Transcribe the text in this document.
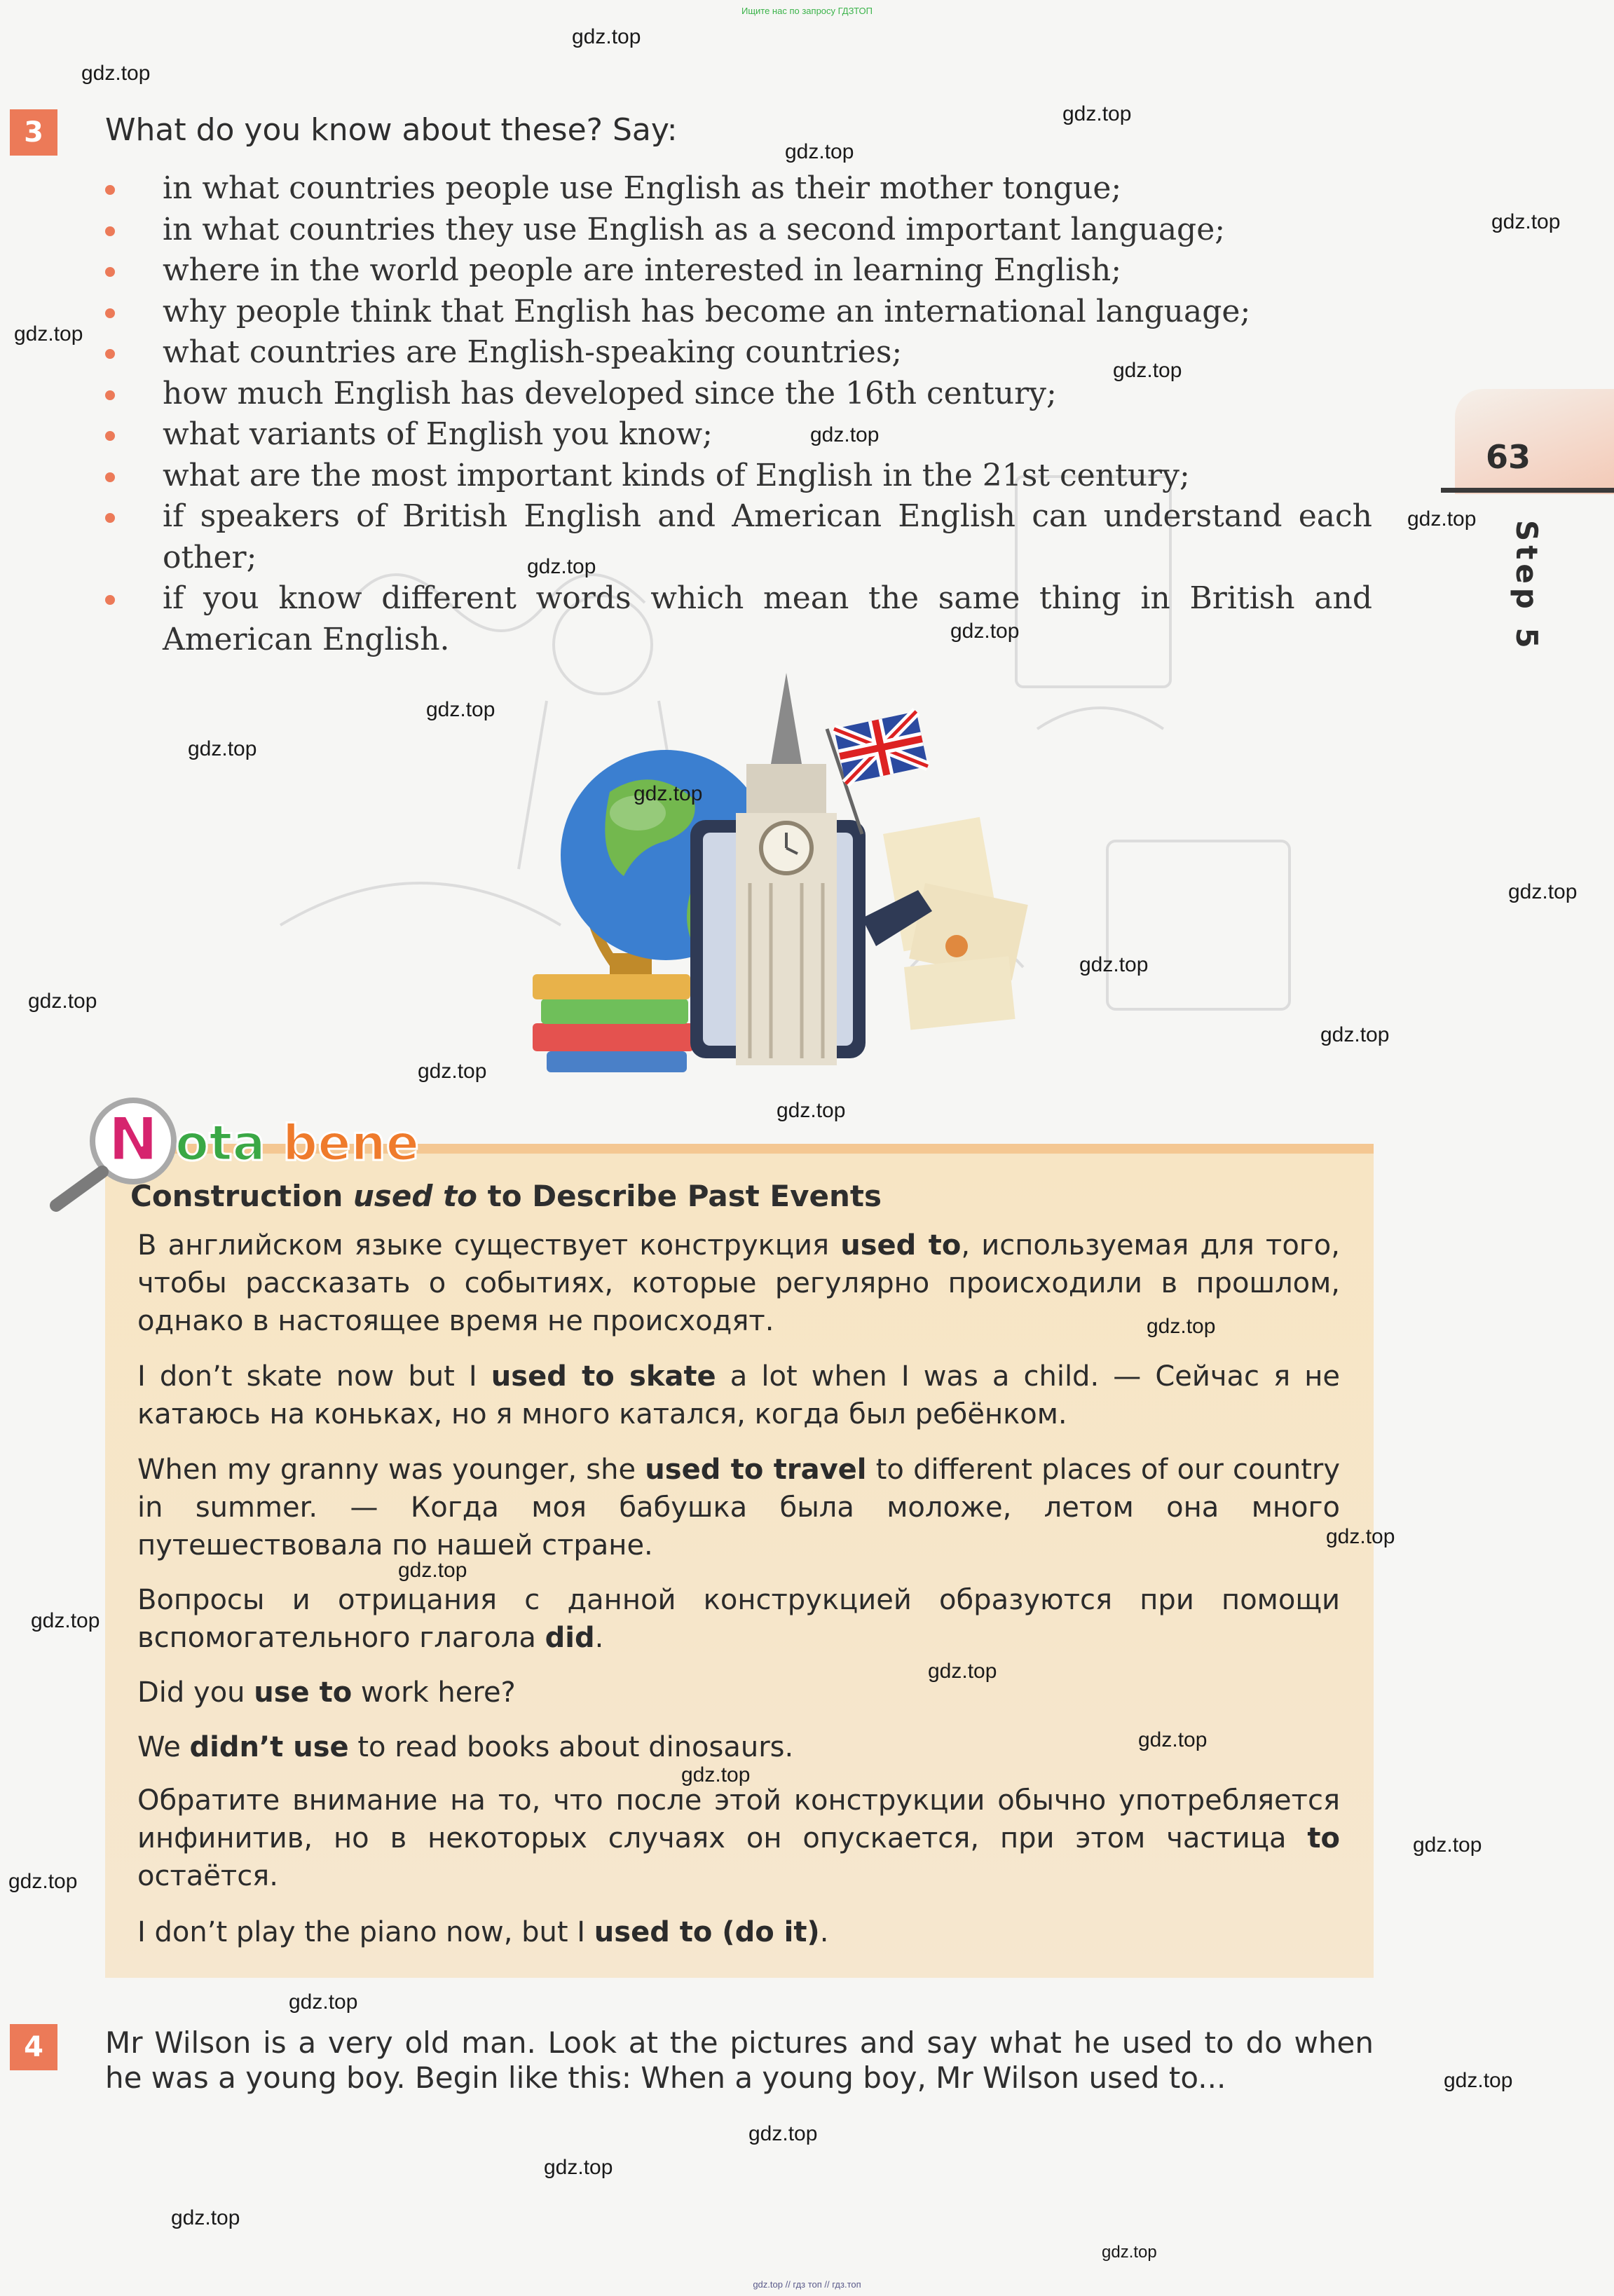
Ищите нас по запросу ГДЗТОП
gdz.top // гдз топ // гдз.топ
3	What do you know about these? Say:
in what countries people use English as their mother tongue;
in what countries they use English as a second important language;
where in the world people are interested in learning English;
why people think that English has become an international language;
what countries are English-speaking countries;
how much English has developed since the 16th century;
what variants of English you know;
what are the most important kinds of English in the 21st century;
if speakers of British English and American English can understand each other;
if you know different words which mean the same thing in British and American English.
63
Step 5
N ota bene
Construction used to to Describe Past Events
В английском языке существует конструкция used to, используемая для того, чтобы рассказать о событиях, которые регулярно происходили в прошлом, однако в настоящее время не происходят.
I don’t skate now but I used to skate a lot when I was a child. — Сейчас я не катаюсь на коньках, но я много катался, когда был ребёнком.
When my granny was younger, she used to travel to different places of our country in summer. — Когда моя бабушка была моложе, летом она много путешествовала по нашей стране.
Вопросы и отрицания с данной конструкцией образуются при помощи вспомогательного глагола did.
Did you use to work here?
We didn’t use to read books about dinosaurs.
Обратите внимание на то, что после этой конструкции обычно употребляется инфинитив, но в некоторых случаях он опускается, при этом частица to остаётся.
I don’t play the piano now, but I used to (do it).
4	Mr Wilson is a very old man. Look at the pictures and say what he used to do when he was a young boy. Begin like this: When a young boy, Mr Wilson used to...
gdz.top
gdz.top
gdz.top
gdz.top
gdz.top
gdz.top
gdz.top
gdz.top
gdz.top
gdz.top
gdz.top
gdz.top
gdz.top
gdz.top
gdz.top
gdz.top
gdz.top
gdz.top
gdz.top
gdz.top
gdz.top
gdz.top
gdz.top
gdz.top
gdz.top
gdz.top
gdz.top
gdz.top
gdz.top
gdz.top
gdz.top
gdz.top
gdz.top
gdz.top
gdz.top
